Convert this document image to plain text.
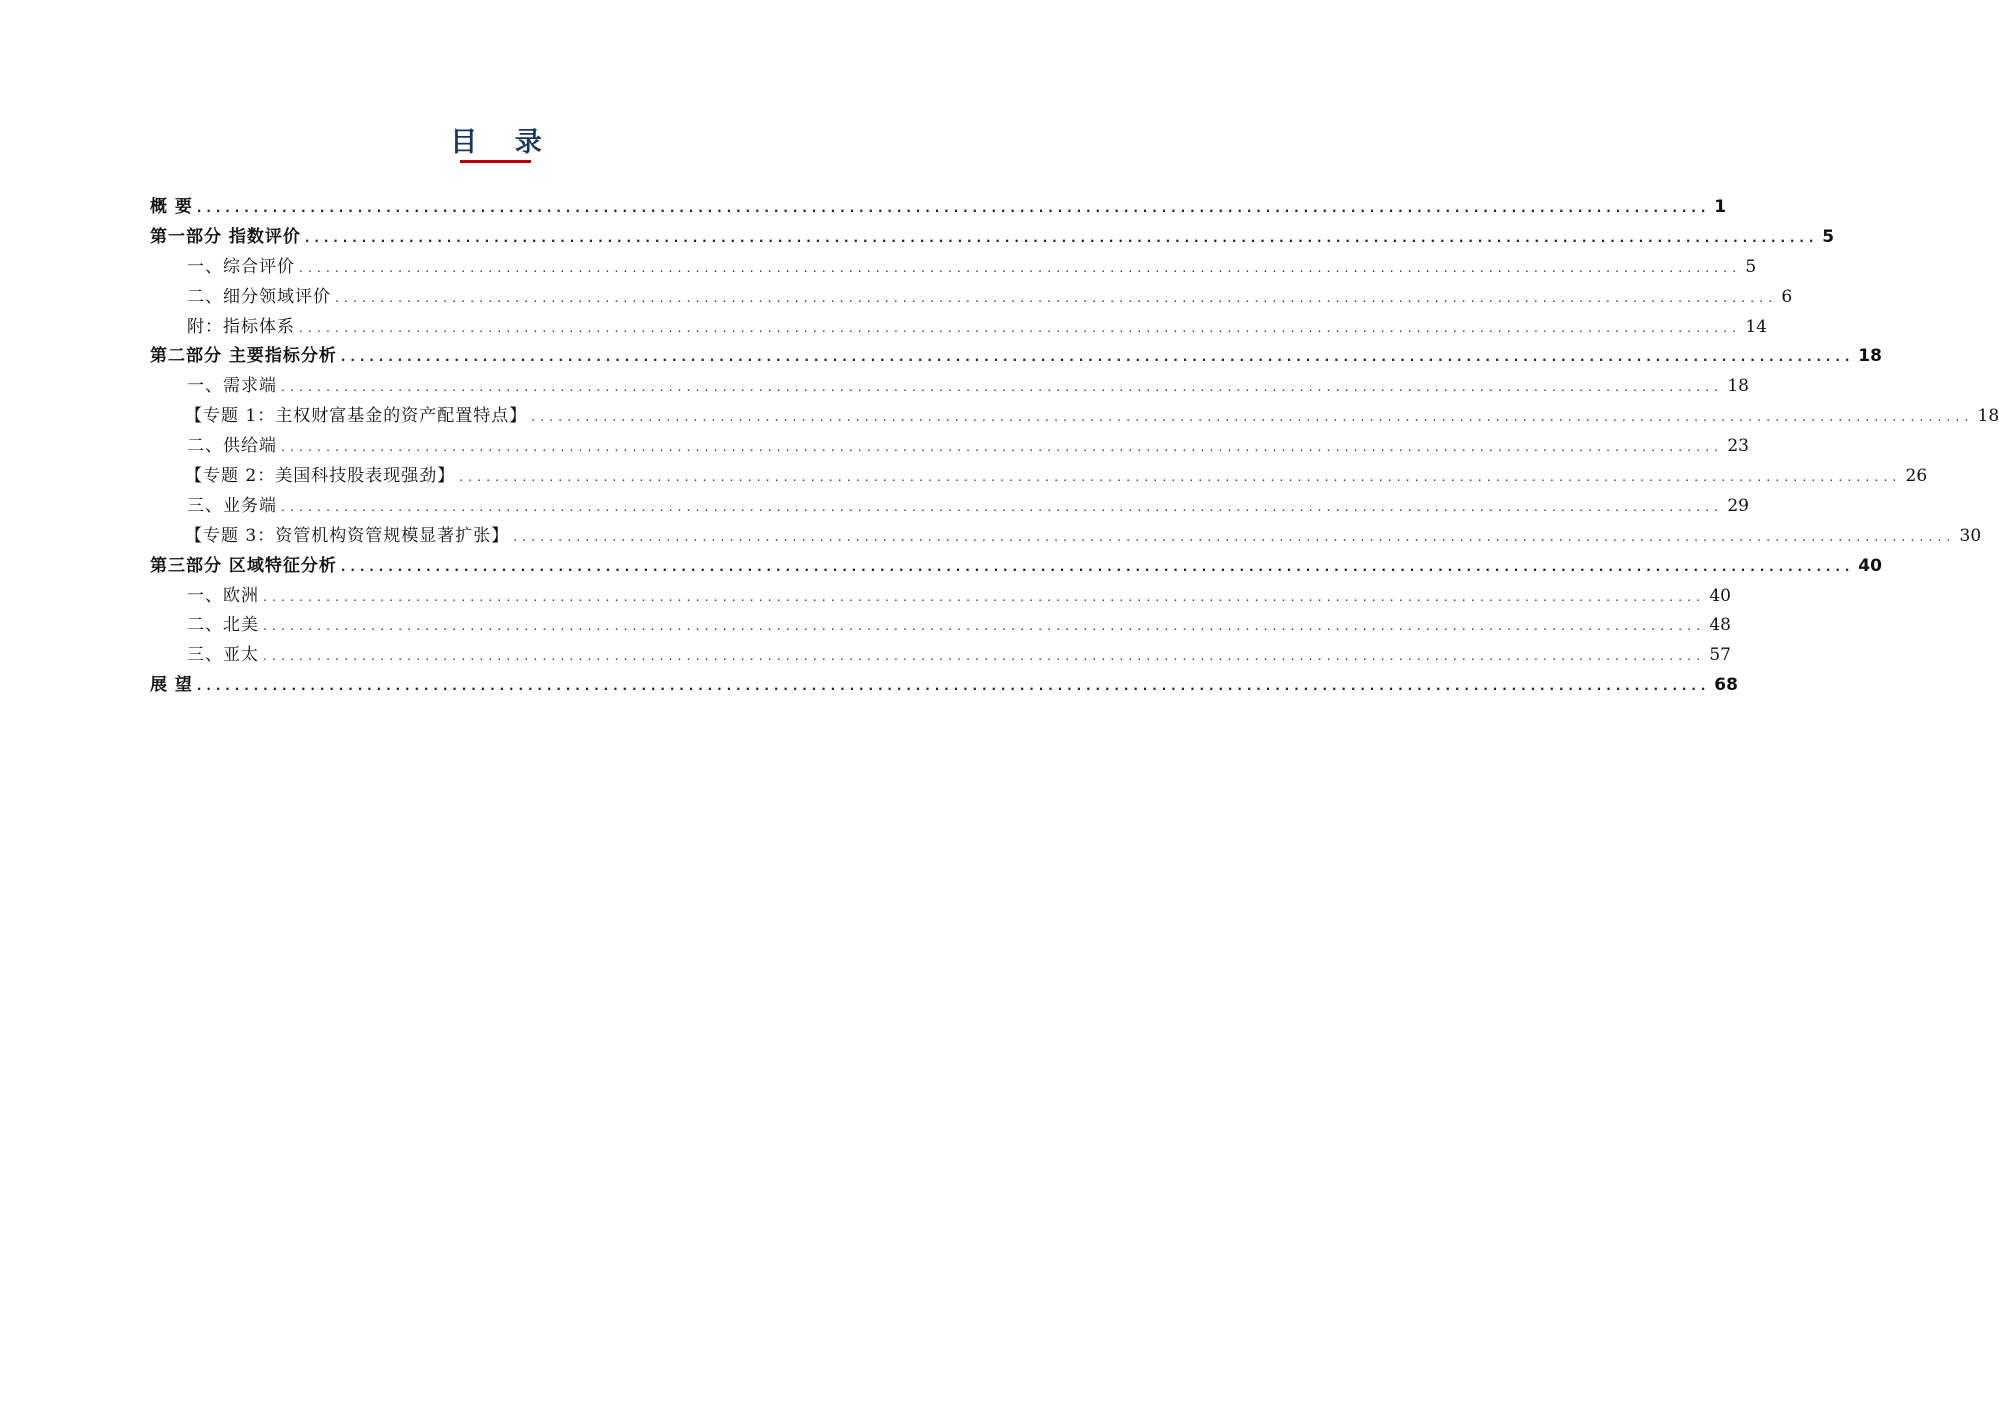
目 录
概 要 ................................................................................................................................................................ 1
第一部分 指数评价 ................................................................................................................................................................ 5
一、综合评价 ................................................................................................................................................................ 5
二、细分领域评价 ................................................................................................................................................................ 6
附：指标体系 ................................................................................................................................................................ 14
第二部分 主要指标分析 ................................................................................................................................................................ 18
一、需求端 ................................................................................................................................................................ 18
【专题 1：主权财富基金的资产配置特点】 ................................................................................................................................................................ 18
二、供给端 ................................................................................................................................................................ 23
【专题 2：美国科技股表现强劲】 ................................................................................................................................................................ 26
三、业务端 ................................................................................................................................................................ 29
【专题 3：资管机构资管规模显著扩张】 ................................................................................................................................................................ 30
第三部分 区域特征分析 ................................................................................................................................................................ 40
一、欧洲 ................................................................................................................................................................ 40
二、北美 ................................................................................................................................................................ 48
三、亚太 ................................................................................................................................................................ 57
展 望 ................................................................................................................................................................ 68
